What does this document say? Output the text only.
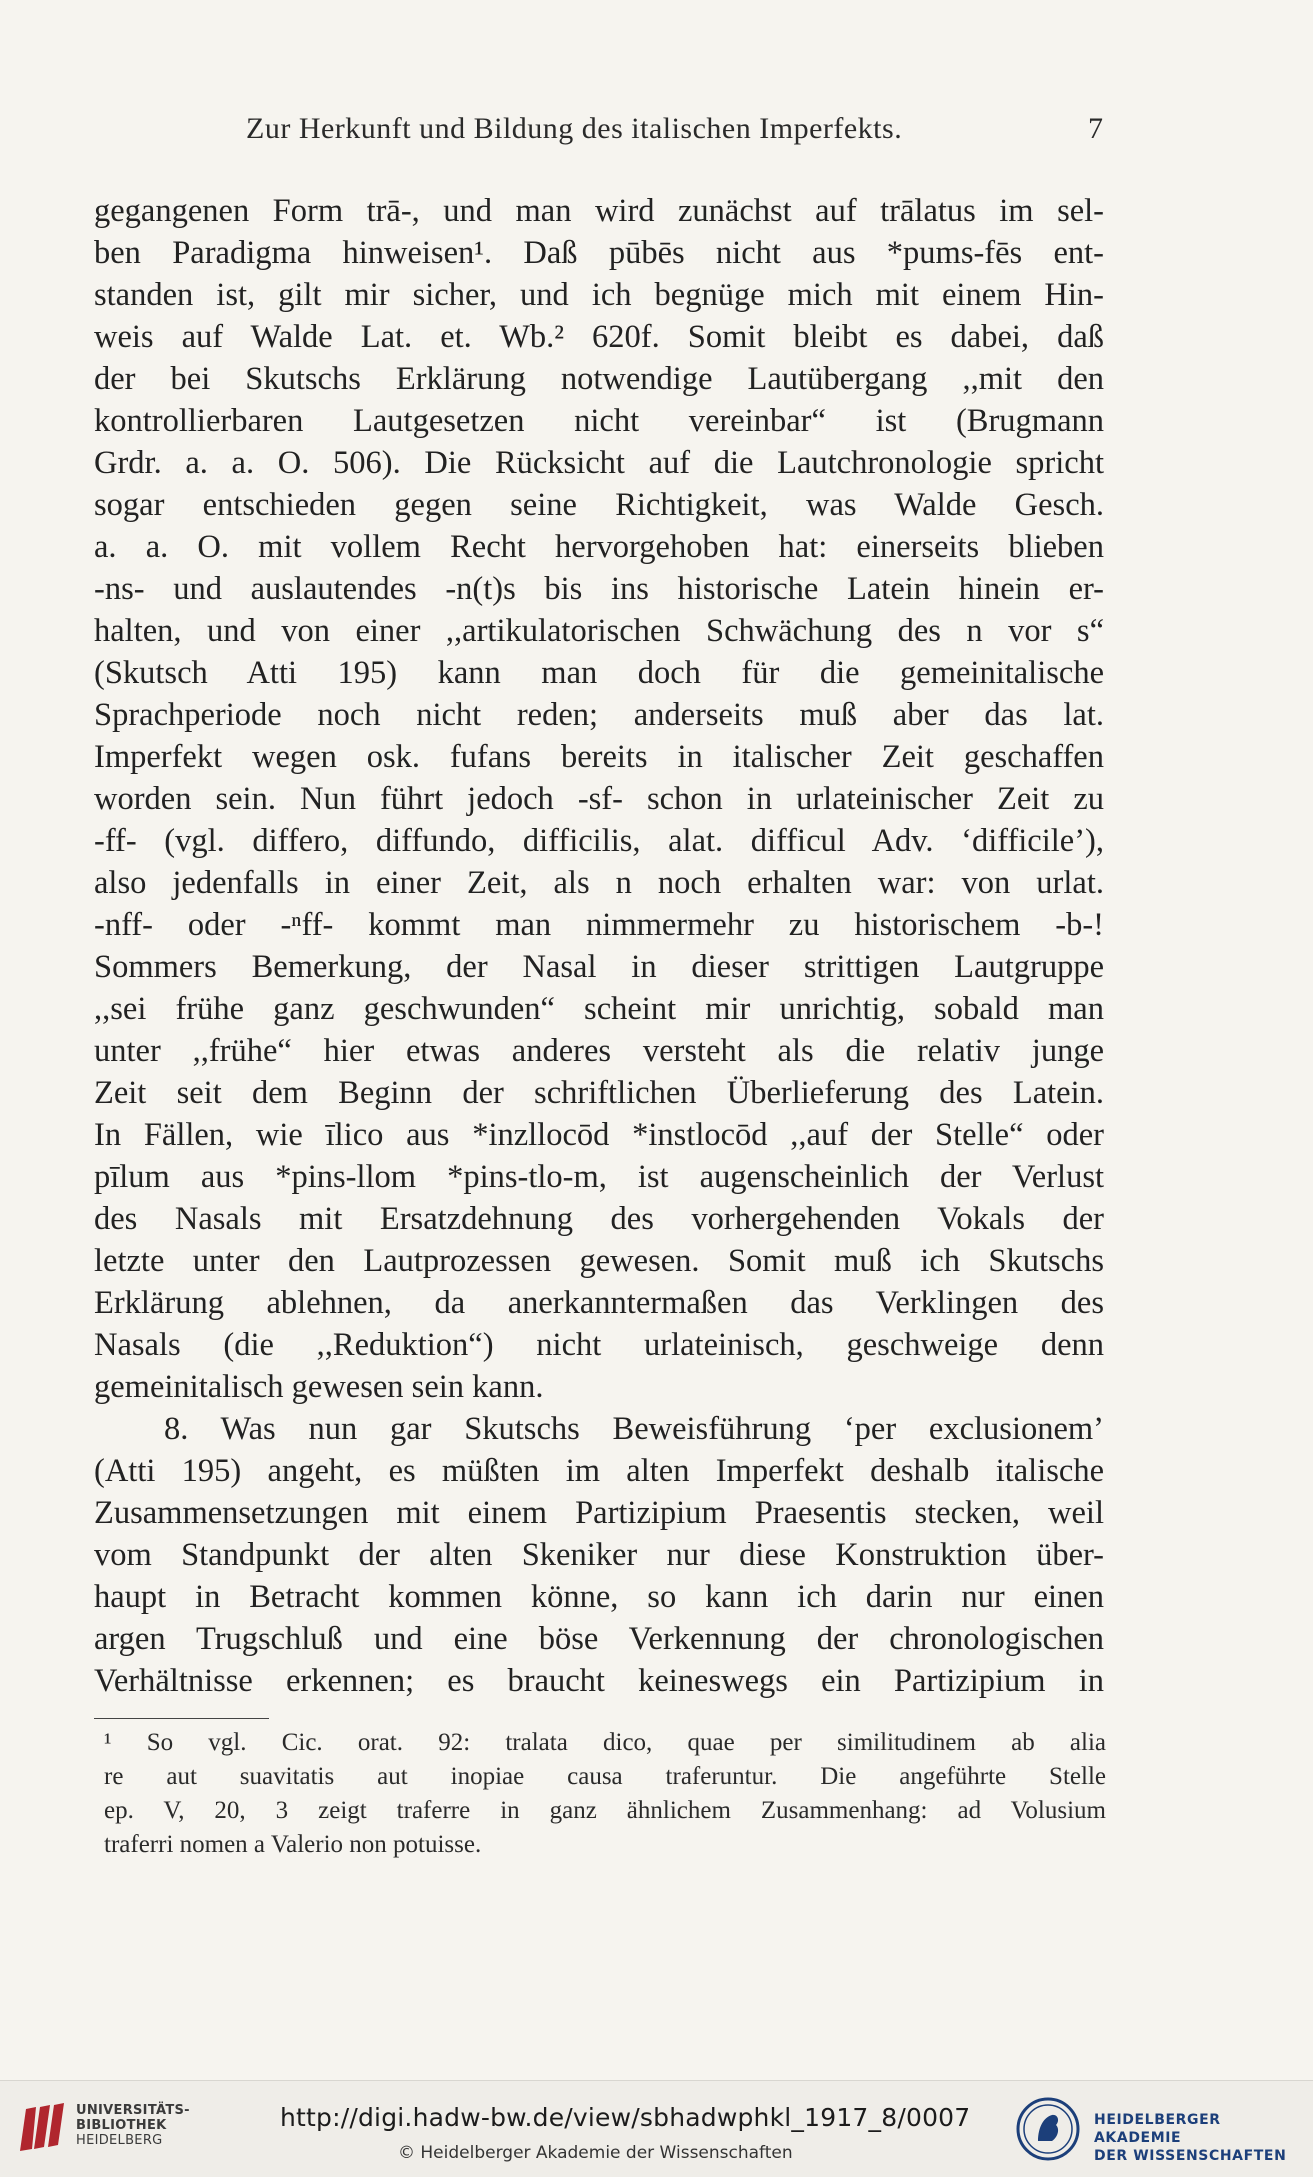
Zur Herkunft und Bildung des italischen Imperfekts.	7
gegangenen Form trā-, und man wird zunächst auf trālatus im sel-
ben Paradigma hinweisen¹. Daß pūbēs nicht aus *pums-fēs ent-
standen ist, gilt mir sicher, und ich begnüge mich mit einem Hin-
weis auf Walde Lat. et. Wb.² 620f. Somit bleibt es dabei, daß
der bei Skutschs Erklärung notwendige Lautübergang ,,mit den
kontrollierbaren Lautgesetzen nicht vereinbar“ ist (Brugmann
Grdr. a. a. O. 506). Die Rücksicht auf die Lautchronologie spricht
sogar entschieden gegen seine Richtigkeit, was Walde Gesch.
a. a. O. mit vollem Recht hervorgehoben hat: einerseits blieben
-ns- und auslautendes -n(t)s bis ins historische Latein hinein er-
halten, und von einer ,,artikulatorischen Schwächung des n vor s“
(Skutsch Atti 195) kann man doch für die gemeinitalische
Sprachperiode noch nicht reden; anderseits muß aber das lat.
Imperfekt wegen osk. fufans bereits in italischer Zeit geschaffen
worden sein. Nun führt jedoch -sf- schon in urlateinischer Zeit zu
-ff- (vgl. differo, diffundo, difficilis, alat. difficul Adv. ‘difficile’),
also jedenfalls in einer Zeit, als n noch erhalten war: von urlat.
-nff- oder -ⁿff- kommt man nimmermehr zu historischem -b-!
Sommers Bemerkung, der Nasal in dieser strittigen Lautgruppe
,,sei frühe ganz geschwunden“ scheint mir unrichtig, sobald man
unter ,,frühe“ hier etwas anderes versteht als die relativ junge
Zeit seit dem Beginn der schriftlichen Überlieferung des Latein.
In Fällen, wie īlico aus *inzllocōd *instlocōd ,,auf der Stelle“ oder
pīlum aus *pins-llom *pins-tlo-m, ist augenscheinlich der Verlust
des Nasals mit Ersatzdehnung des vorhergehenden Vokals der
letzte unter den Lautprozessen gewesen. Somit muß ich Skutschs
Erklärung ablehnen, da anerkanntermaßen das Verklingen des
Nasals (die ,,Reduktion“) nicht urlateinisch, geschweige denn
gemeinitalisch gewesen sein kann.
8. Was nun gar Skutschs Beweisführung ‘per exclusionem’
(Atti 195) angeht, es müßten im alten Imperfekt deshalb italische
Zusammensetzungen mit einem Partizipium Praesentis stecken, weil
vom Standpunkt der alten Skeniker nur diese Konstruktion über-
haupt in Betracht kommen könne, so kann ich darin nur einen
argen Trugschluß und eine böse Verkennung der chronologischen
Verhältnisse erkennen; es braucht keineswegs ein Partizipium in
¹ So vgl. Cic. orat. 92: tralata dico, quae per similitudinem ab alia
re aut suavitatis aut inopiae causa traferuntur. Die angeführte Stelle
ep. V, 20, 3 zeigt traferre in ganz ähnlichem Zusammenhang: ad Volusium
traferri nomen a Valerio non potuisse.
UNIVERSITÄTS-
BIBLIOTHEK
HEIDELBERG
http://digi.hadw-bw.de/view/sbhadwphkl_1917_8/0007
© Heidelberger Akademie der Wissenschaften
HEIDELBERGER AKADEMIE
DER WISSENSCHAFTEN
